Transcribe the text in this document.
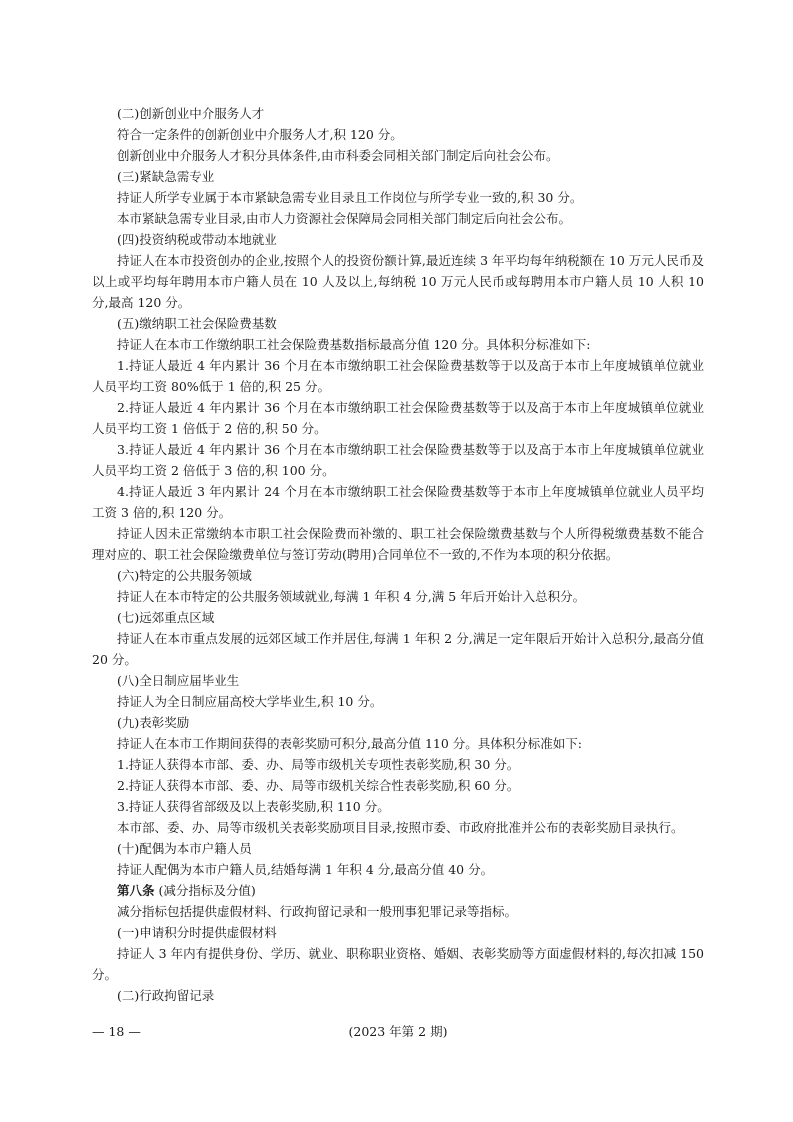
(二)创新创业中介服务人才

符合一定条件的创新创业中介服务人才,积 120 分。

创新创业中介服务人才积分具体条件,由市科委会同相关部门制定后向社会公布。

(三)紧缺急需专业

持证人所学专业属于本市紧缺急需专业目录且工作岗位与所学专业一致的,积 30 分。

本市紧缺急需专业目录,由市人力资源社会保障局会同相关部门制定后向社会公布。

(四)投资纳税或带动本地就业

持证人在本市投资创办的企业,按照个人的投资份额计算,最近连续 3 年平均每年纳税额在 10 万元人民币及以上或平均每年聘用本市户籍人员在 10 人及以上,每纳税 10 万元人民币或每聘用本市户籍人员 10 人积 10 分,最高 120 分。

(五)缴纳职工社会保险费基数

持证人在本市工作缴纳职工社会保险费基数指标最高分值 120 分。具体积分标准如下:

1.持证人最近 4 年内累计 36 个月在本市缴纳职工社会保险费基数等于以及高于本市上年度城镇单位就业人员平均工资 80%低于 1 倍的,积 25 分。

2.持证人最近 4 年内累计 36 个月在本市缴纳职工社会保险费基数等于以及高于本市上年度城镇单位就业人员平均工资 1 倍低于 2 倍的,积 50 分。

3.持证人最近 4 年内累计 36 个月在本市缴纳职工社会保险费基数等于以及高于本市上年度城镇单位就业人员平均工资 2 倍低于 3 倍的,积 100 分。

4.持证人最近 3 年内累计 24 个月在本市缴纳职工社会保险费基数等于本市上年度城镇单位就业人员平均工资 3 倍的,积 120 分。

持证人因未正常缴纳本市职工社会保险费而补缴的、职工社会保险缴费基数与个人所得税缴费基数不能合理对应的、职工社会保险缴费单位与签订劳动(聘用)合同单位不一致的,不作为本项的积分依据。

(六)特定的公共服务领域

持证人在本市特定的公共服务领域就业,每满 1 年积 4 分,满 5 年后开始计入总积分。

(七)远郊重点区域

持证人在本市重点发展的远郊区域工作并居住,每满 1 年积 2 分,满足一定年限后开始计入总积分,最高分值 20 分。

(八)全日制应届毕业生

持证人为全日制应届高校大学毕业生,积 10 分。

(九)表彰奖励

持证人在本市工作期间获得的表彰奖励可积分,最高分值 110 分。具体积分标准如下:

1.持证人获得本市部、委、办、局等市级机关专项性表彰奖励,积 30 分。

2.持证人获得本市部、委、办、局等市级机关综合性表彰奖励,积 60 分。

3.持证人获得省部级及以上表彰奖励,积 110 分。

本市部、委、办、局等市级机关表彰奖励项目目录,按照市委、市政府批准并公布的表彰奖励目录执行。

(十)配偶为本市户籍人员

持证人配偶为本市户籍人员,结婚每满 1 年积 4 分,最高分值 40 分。

第八条 (减分指标及分值)

减分指标包括提供虚假材料、行政拘留记录和一般刑事犯罪记录等指标。

(一)申请积分时提供虚假材料

持证人 3 年内有提供身份、学历、就业、职称职业资格、婚姻、表彰奖励等方面虚假材料的,每次扣减 150 分。

(二)行政拘留记录

— 18 —	(2023 年第 2 期)
